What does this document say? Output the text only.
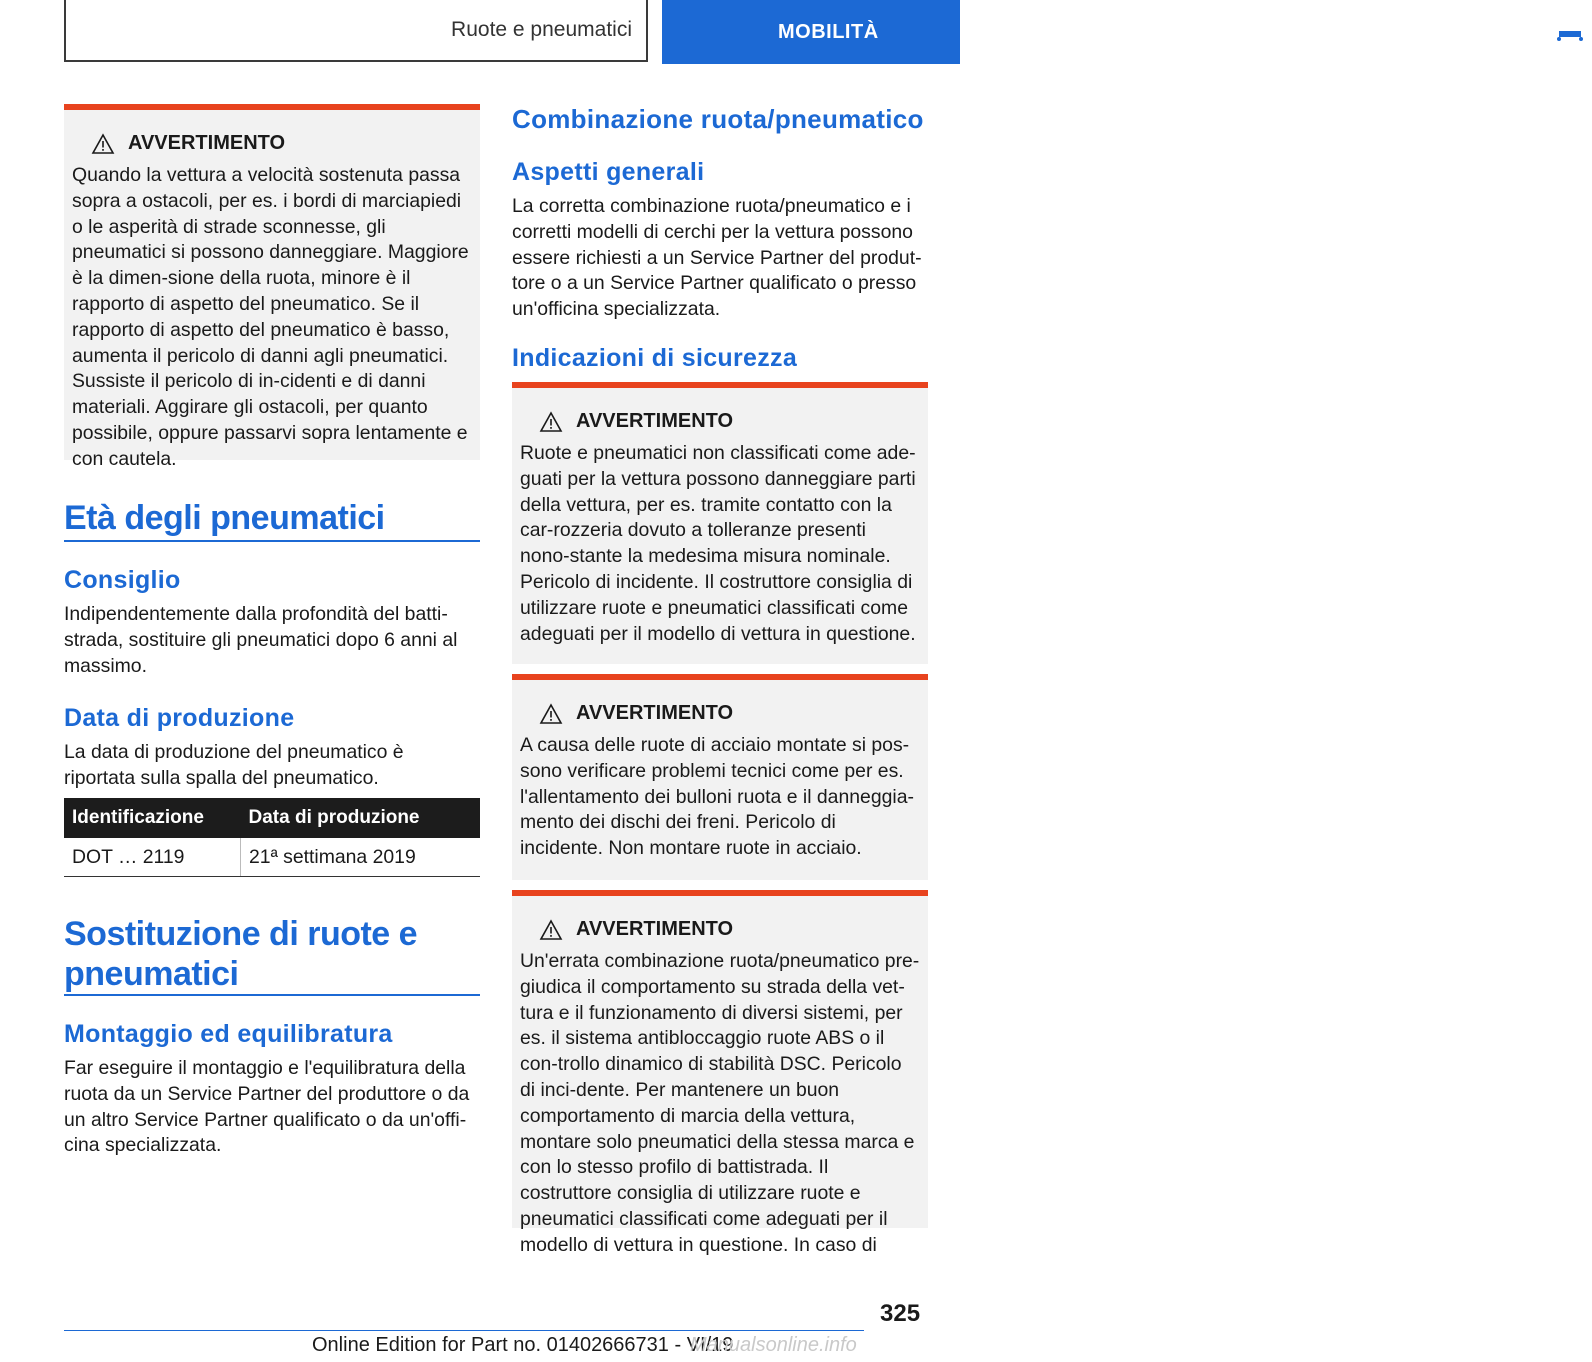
Ruote e pneumatici	MOBILITÀ
AVVERTIMENTO
Quando la vettura a velocità sostenuta passa sopra a ostacoli, per es. i bordi di marciapiedi o le asperità di strade sconnesse, gli pneumatici si possono danneggiare. Maggiore è la dimen-sione della ruota, minore è il rapporto di aspetto del pneumatico. Se il rapporto di aspetto del pneumatico è basso, aumenta il pericolo di danni agli pneumatici. Sussiste il pericolo di in-cidenti e di danni materiali. Aggirare gli ostacoli, per quanto possibile, oppure passarvi sopra lentamente e con cautela.
Età degli pneumatici
Consiglio
Indipendentemente dalla profondità del batti-strada, sostituire gli pneumatici dopo 6 anni al massimo.
Data di produzione
La data di produzione del pneumatico è riportata sulla spalla del pneumatico.
Identificazione	Data di produzione
DOT … 2119	21ª settimana 2019
Sostituzione di ruote e
pneumatici
Montaggio ed equilibratura
Far eseguire il montaggio e l'equilibratura della ruota da un Service Partner del produttore o da un altro Service Partner qualificato o da un'offi-cina specializzata.
Combinazione ruota/pneumatico
Aspetti generali
La corretta combinazione ruota/pneumatico e i corretti modelli di cerchi per la vettura possono essere richiesti a un Service Partner del produt-tore o a un Service Partner qualificato o presso un'officina specializzata.
Indicazioni di sicurezza
AVVERTIMENTO
Ruote e pneumatici non classificati come ade-guati per la vettura possono danneggiare parti della vettura, per es. tramite contatto con la car-rozzeria dovuto a tolleranze presenti nono-stante la medesima misura nominale. Pericolo di incidente. Il costruttore consiglia di utilizzare ruote e pneumatici classificati come adeguati per il modello di vettura in questione.
AVVERTIMENTO
A causa delle ruote di acciaio montate si pos-sono verificare problemi tecnici come per es. l'allentamento dei bulloni ruota e il danneggia-mento dei dischi dei freni. Pericolo di incidente. Non montare ruote in acciaio.
AVVERTIMENTO
Un'errata combinazione ruota/pneumatico pre-giudica il comportamento su strada della vet-tura e il funzionamento di diversi sistemi, per es. il sistema antibloccaggio ruote ABS o il con-trollo dinamico di stabilità DSC. Pericolo di inci-dente. Per mantenere un buon comportamento di marcia della vettura, montare solo pneumatici della stessa marca e con lo stesso profilo di battistrada. Il costruttore consiglia di utilizzare ruote e pneumatici classificati come adeguati per il modello di vettura in questione. In caso di
325
Online Edition for Part no. 01402666731 - VI/19
Manualsonline.info
